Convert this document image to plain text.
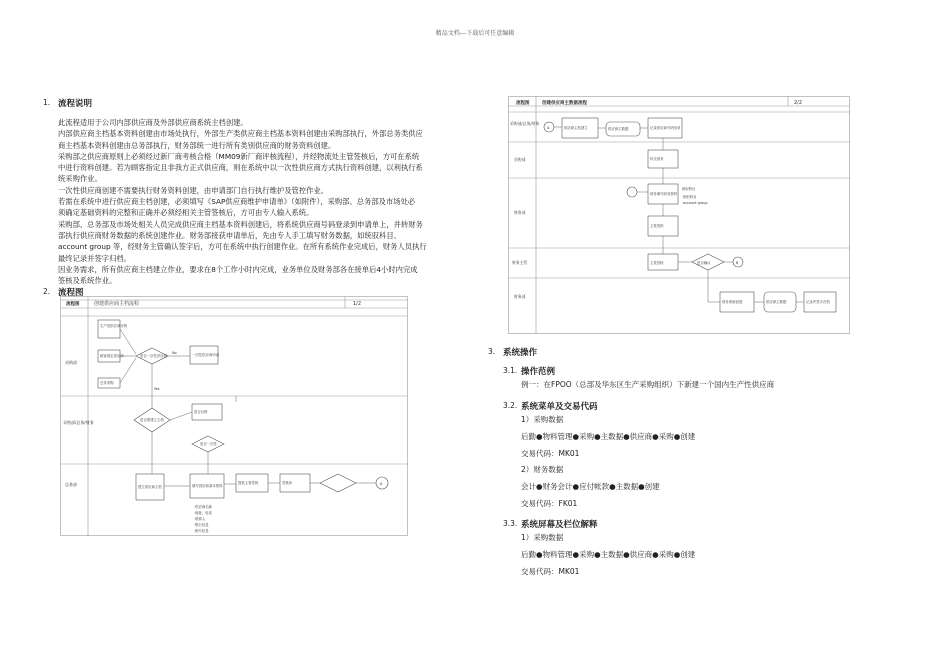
精品文档---下载后可任意编辑
1. 流程说明
此流程适用于公司内部供应商及外部供应商系统主档创建。
内部供应商主档基本资料创建由市场处执行，外部生产类供应商主档基本资料创建由采购部执行，外部总务类供应
商主档基本资料创建由总务部执行，财务部统一进行所有类别供应商的财务资料创建。
采购部之供应商原则上必须经过新厂商考核合格（MM09新厂商评核流程），并经物流处主管签核后，方可在系统
中进行资料创建。若为顾客指定且非我方正式供应商，则在系统中以一次性供应商方式执行资料创建，以利执行系
统采购作业。
一次性供应商创建不需要执行财务资料创建，由申请部门自行执行维护及管控作业。
若需在系统中进行供应商主档创建，必须填写《SAP供应商维护申请单》（如附件），采购部、总务部及市场处必
须确定基础资料的完整和正确并必须经相关主管签核后，方可由专人输入系统。
采购部、总务部及市场处相关人员完成供应商主档基本资料创建后，将系统供应商号码登录到申请单上，并转财务
部执行供应商财务数据的系统创建作业。财务部接获申请单后，先由专人手工填写财务数据，如统驭科目、
account group 等，经财务主管确认签字后，方可在系统中执行创建作业。在所有系统作业完成后，财务人员执行
最终记录并签字归档。
因业务需求，所有供应商主档建立作业，要求在8个工作小时内完成，业务单位及财务部各在接单后4小时内完成
签核及系统作业。
2. 流程图
流程图	创建供应商主档流程	1/2
采购部
采购部/总务/财务
总务部
生产类供应商评核
顾客指定供应商
总务采购
是否一次性供应商	一次性供应商申请
是否需建立主档
是否合格
是否一次性
建立供应商主档	填写供应商基本资料
提供主管签核	签核单	A
No
Yes
·供应商名称
·地址、电话
·联系人
·银行信息
·税号信息
流程图	创建供应商主数据流程	2/2
采购部/总务/财务
采购部
财务部
财务主管
财务部
A	供应商主档建立	供应商主数据	记录供应商号码至单
转交财务
财务填写财务资料
统驭科目
主管签核
是否确认	B
主管签核
财务系统创建	供应商主数据	记录并签字归档
·统驭科目
·account group
3. 系统操作
3.1. 操作范例
例一：在FPOO（总部及华东区生产采购组织）下新建一个国内生产性供应商
3.2. 系统菜单及交易代码
1）采购数据
后勤●物料管理●采购●主数据●供应商●采购●创建
交易代码：MK01
2）财务数据
会计●财务会计●应付帐款●主数据●创建
交易代码：FK01
3.3. 系统屏幕及栏位解释
1）采购数据
后勤●物料管理●采购●主数据●供应商●采购●创建
交易代码：MK01
